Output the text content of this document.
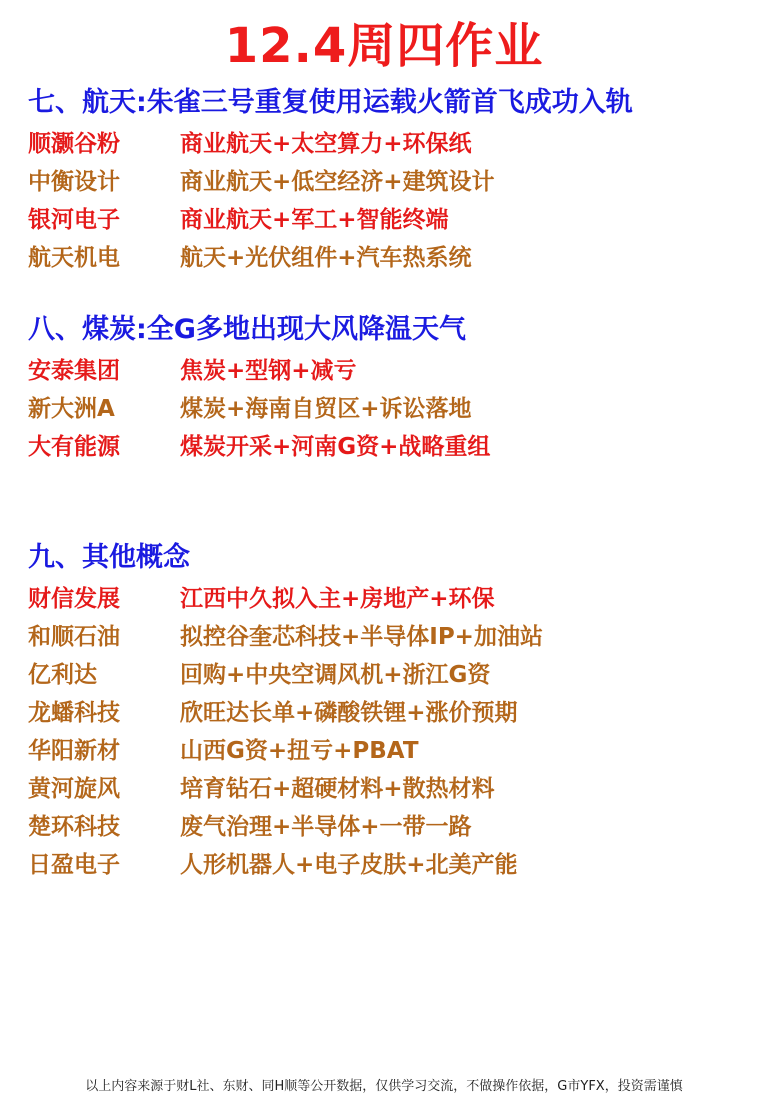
12.4周四作业
七、航天:朱雀三号重复使用运载火箭首飞成功入轨
顺灏谷粉	商业航天+太空算力+环保纸
中衡设计	商业航天+低空经济+建筑设计
银河电子	商业航天+军工+智能终端
航天机电	航天+光伏组件+汽车热系统
八、煤炭:全G多地出现大风降温天气
安泰集团	焦炭+型钢+减亏
新大洲A	煤炭+海南自贸区+诉讼落地
大有能源	煤炭开采+河南G资+战略重组
九、其他概念
财信发展	江西中久拟入主+房地产+环保
和顺石油	拟控谷奎芯科技+半导体IP+加油站
亿利达	回购+中央空调风机+浙江G资
龙蟠科技	欣旺达长单+磷酸铁锂+涨价预期
华阳新材	山西G资+扭亏+PBAT
黄河旋风	培育钻石+超硬材料+散热材料
楚环科技	废气治理+半导体+一带一路
日盈电子	人形机器人+电子皮肤+北美产能
以上内容来源于财L社、东财、同H顺等公开数据，仅供学习交流，不做操作依据，G市YFX，投资需谨慎
